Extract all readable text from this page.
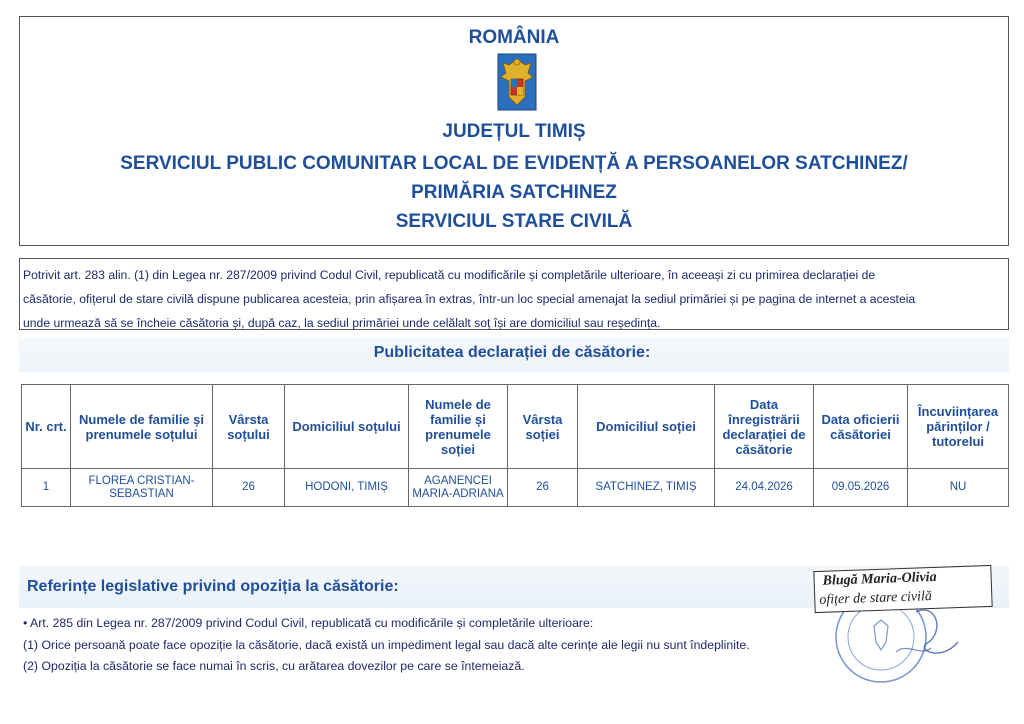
ROMÂNIA
JUDEȚUL TIMIȘ
SERVICIUL PUBLIC COMUNITAR LOCAL DE EVIDENȚĂ A PERSOANELOR SATCHINEZ/
PRIMĂRIA SATCHINEZ
SERVICIUL STARE CIVILĂ
Potrivit art. 283 alin. (1) din Legea nr. 287/2009 privind Codul Civil, republicată cu modificările și completările ulterioare, în aceeași zi cu primirea declarației de
căsătorie, ofițerul de stare civilă dispune publicarea acesteia, prin afișarea în extras, într-un loc special amenajat la sediul primăriei și pe pagina de internet a acesteia
unde urmează să se încheie căsătoria și, după caz, la sediul primăriei unde celălalt soț își are domiciliul sau reședința.
Publicitatea declarației de căsătorie:
Nr. crt.	Numele de familie și prenumele soțului	Vârsta soțului	Domiciliul soțului	Numele de familie și prenumele soției	Vârsta soției	Domiciliul soției	Data înregistrării declarației de căsătorie	Data oficierii căsătoriei	Încuviințarea părinților / tutorelui
1	FLOREA CRISTIAN-SEBASTIAN	26	HODONI, TIMIȘ	AGANENCEI MARIA-ADRIANA	26	SATCHINEZ, TIMIȘ	24.04.2026	09.05.2026	NU
Referințe legislative privind opoziția la căsătorie:
• Art. 285 din Legea nr. 287/2009 privind Codul Civil, republicată cu modificările și completările ulterioare:
(1) Orice persoană poate face opoziție la căsătorie, dacă există un impediment legal sau dacă alte cerințe ale legii nu sunt îndeplinite.
(2) Opoziția la căsătorie se face numai în scris, cu arătarea dovezilor pe care se întemeiază.
Blugă Maria-Olivia
ofițer de stare civilă
